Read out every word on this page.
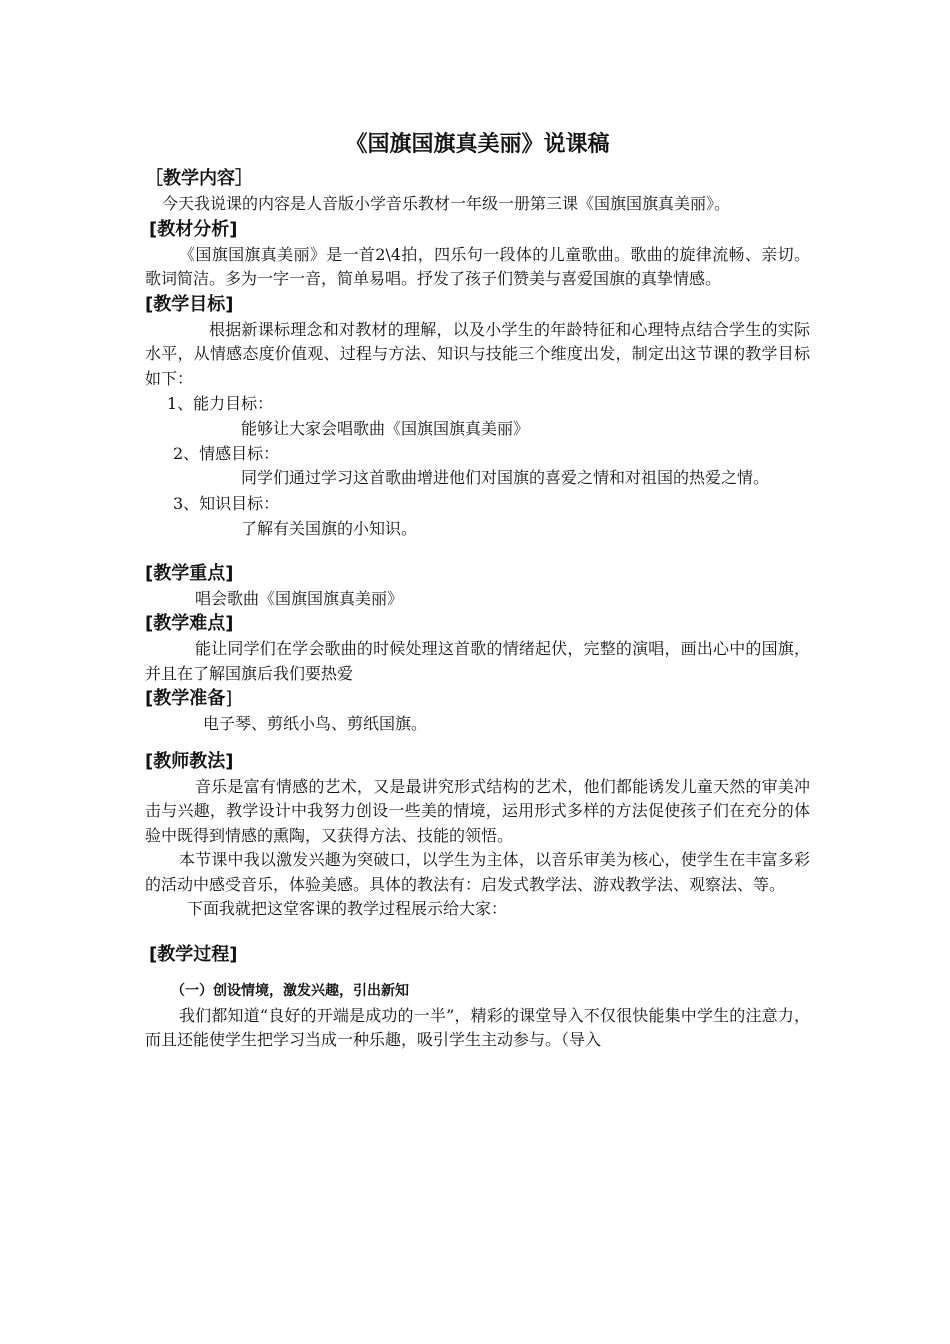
《国旗国旗真美丽》说课稿
［教学内容］

今天我说课的内容是人音版小学音乐教材一年级一册第三课《国旗国旗真美丽》。

[教材分析]

《国旗国旗真美丽》是一首2\4拍，四乐句一段体的儿童歌曲。歌曲的旋律流畅、亲切。歌词简洁。多为一字一音，简单易唱。抒发了孩子们赞美与喜爱国旗的真挚情感。

[教学目标]

根据新课标理念和对教材的理解，以及小学生的年龄特征和心理特点结合学生的实际水平，从情感态度价值观、过程与方法、知识与技能三个维度出发，制定出这节课的教学目标如下：

1、能力目标：

能够让大家会唱歌曲《国旗国旗真美丽》

2、情感目标：

同学们通过学习这首歌曲增进他们对国旗的喜爱之情和对祖国的热爱之情。

3、知识目标：

了解有关国旗的小知识。

[教学重点]

唱会歌曲《国旗国旗真美丽》

[教学难点]

能让同学们在学会歌曲的时候处理这首歌的情绪起伏，完整的演唱，画出心中的国旗，并且在了解国旗后我们要热爱

[教学准备]

电子琴、剪纸小鸟、剪纸国旗。

[教师教法]

音乐是富有情感的艺术，又是最讲究形式结构的艺术，他们都能诱发儿童天然的审美冲击与兴趣，教学设计中我努力创设一些美的情境，运用形式多样的方法促使孩子们在充分的体验中既得到情感的熏陶，又获得方法、技能的领悟。

本节课中我以激发兴趣为突破口，以学生为主体，以音乐审美为核心，使学生在丰富多彩的活动中感受音乐，体验美感。具体的教法有：启发式教学法、游戏教学法、观察法、等。

下面我就把这堂客课的教学过程展示给大家：

[教学过程]
（一）创设情境，激发兴趣，引出新知

我们都知道“良好的开端是成功的一半”，精彩的课堂导入不仅很快能集中学生的注意力，而且还能使学生把学习当成一种乐趣，吸引学生主动参与。（导入
